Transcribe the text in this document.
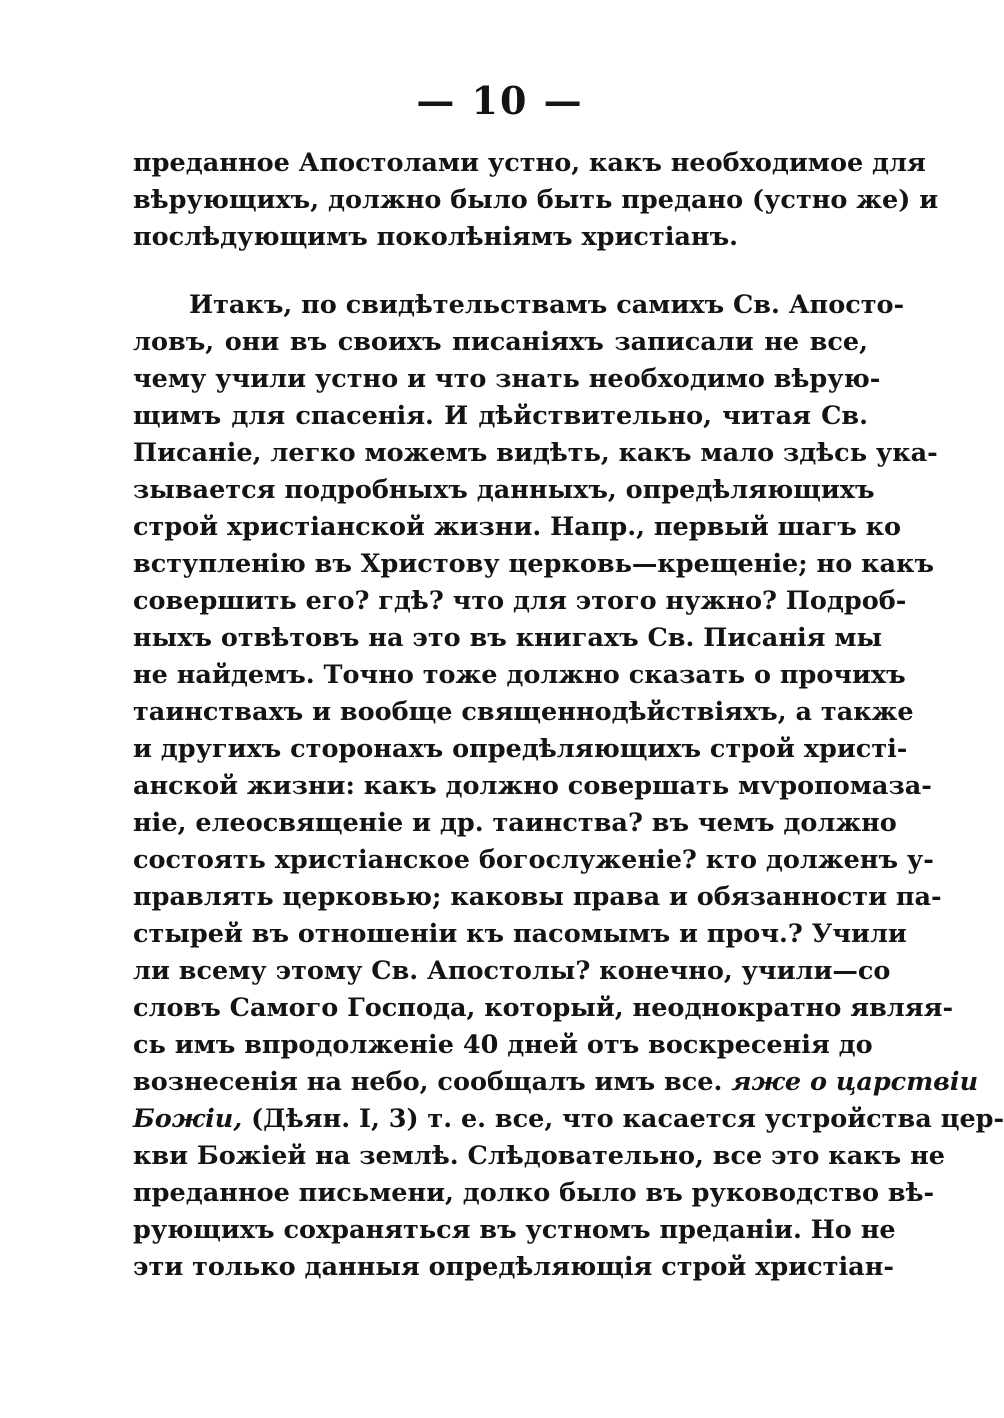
— 10 —
преданное Апостолами устно, какъ необходимое для
вѣрующихъ, должно было быть предано (устно же) и
послѣдующимъ поколѣніямъ христіанъ.
Итакъ, по свидѣтельствамъ самихъ Св. Апосто-
ловъ, они въ своихъ писаніяхъ записали не все,
чему учили устно и что знать необходимо вѣрую-
щимъ для спасенія. И дѣйствительно, читая Св.
Писаніе, легко можемъ видѣть, какъ мало здѣсь ука-
зывается подробныхъ данныхъ, опредѣляющихъ
строй христіанской жизни. Напр., первый шагъ ко
вступленію въ Христову церковь—крещеніе; но какъ
совершить его? гдѣ? что для этого нужно? Подроб-
ныхъ отвѣтовъ на это въ книгахъ Св. Писанія мы
не найдемъ. Точно тоже должно сказать о прочихъ
таинствахъ и вообще священнодѣйствіяхъ, а также
и другихъ сторонахъ опредѣляющихъ строй христі-
анской жизни: какъ должно совершать мѵропомаза-
ніе, елеосвященіе и др. таинства? въ чемъ должно
состоять христіанское богослуженіе? кто долженъ у-
правлять церковью; каковы права и обязанности па-
стырей въ отношеніи къ пасомымъ и проч.? Учили
ли всему этому Св. Апостолы? конечно, учили—со
словъ Самого Господа, который, неоднократно являя-
сь имъ впродолженіе 40 дней отъ воскресенія до
вознесенія на небо, сообщалъ имъ все. яже о царствіи
Божіи, (Дѣян. I, 3) т. е. все, что касается устройства цер-
кви Божіей на землѣ. Слѣдовательно, все это какъ не
преданное письмени, долко было въ руководство вѣ-
рующихъ сохраняться въ устномъ преданіи. Но не
эти только данныя опредѣляющія строй христіан-
